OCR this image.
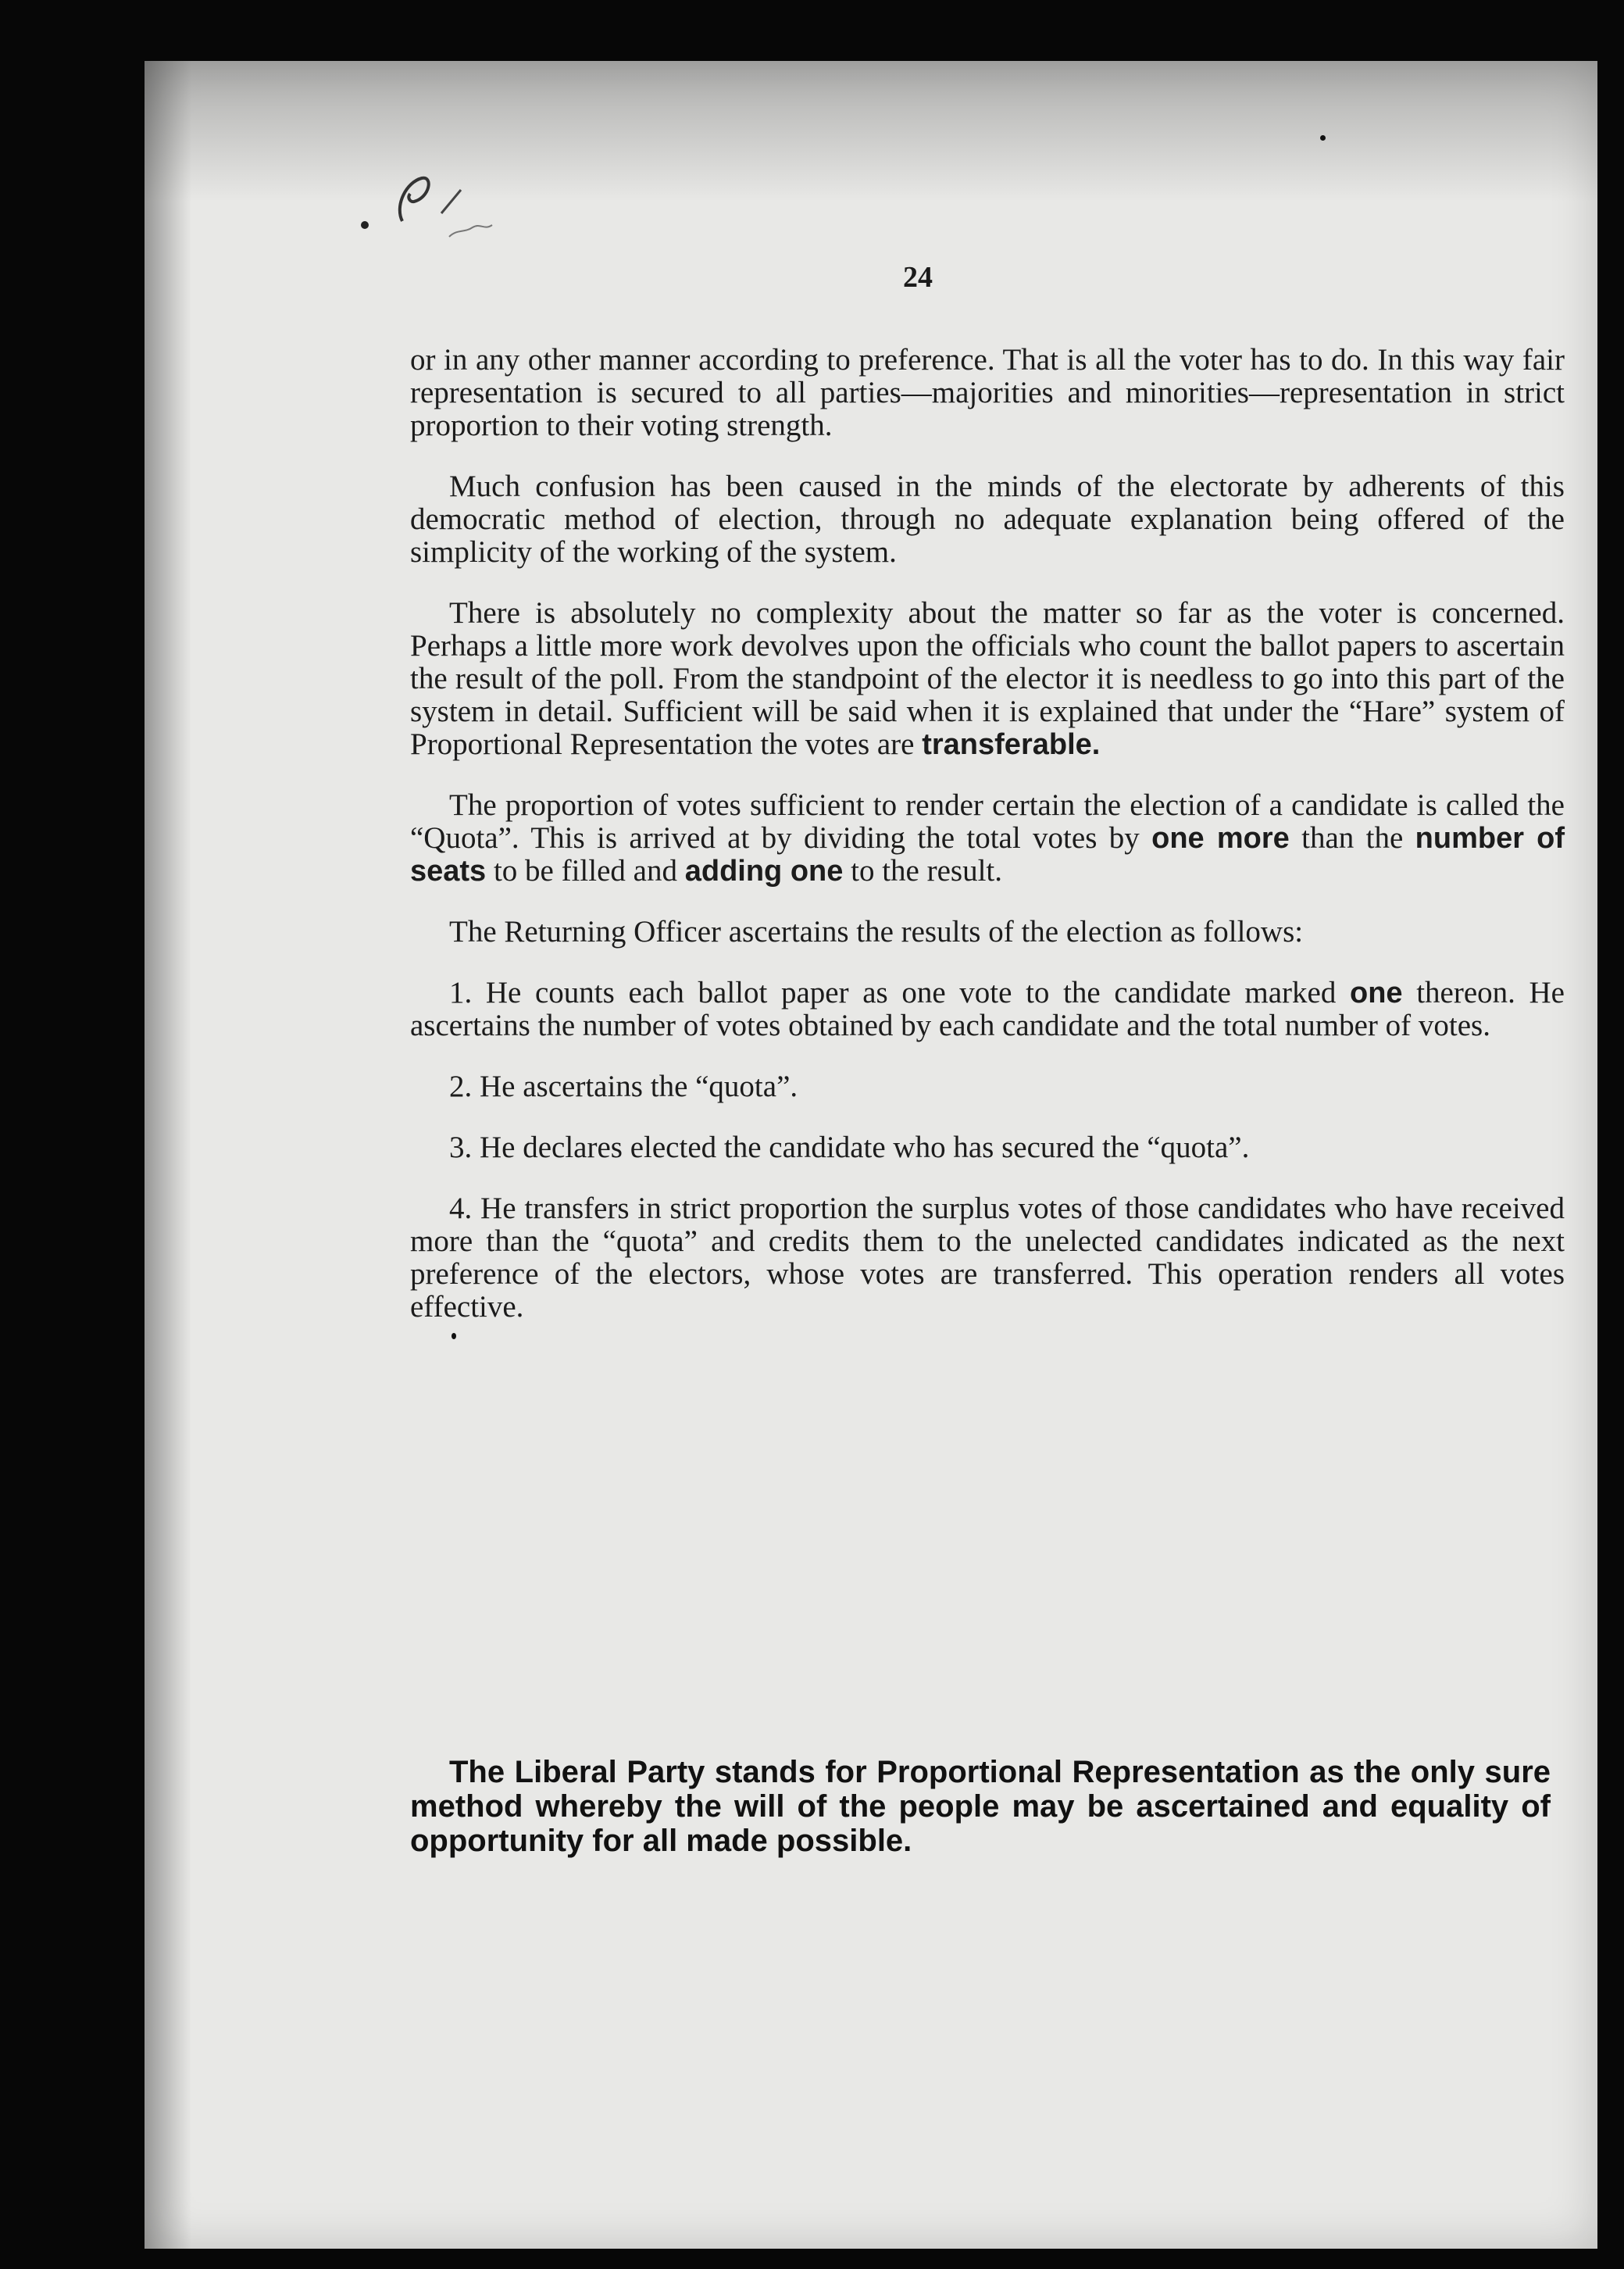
6/
24

or in any other manner according to preference. That is all the voter has to do. In this way fair representation is secured to all parties—majorities and minorities—representation in strict proportion to their voting strength.

Much confusion has been caused in the minds of the electorate by adherents of this democratic method of election, through no adequate explanation being offered of the simplicity of the working of the system.

There is absolutely no complexity about the matter so far as the voter is concerned. Perhaps a little more work devolves upon the officials who count the ballot papers to ascertain the result of the poll. From the standpoint of the elector it is needless to go into this part of the system in detail. Sufficient will be said when it is explained that under the “Hare” system of Proportional Representation the votes are transferable.

The proportion of votes sufficient to render certain the election of a candidate is called the “Quota”. This is arrived at by dividing the total votes by one more than the number of seats to be filled and adding one to the result.

The Returning Officer ascertains the results of the election as follows:

1. He counts each ballot paper as one vote to the candidate marked one thereon. He ascertains the number of votes obtained by each candidate and the total number of votes.

2. He ascertains the “quota”.

3. He declares elected the candidate who has secured the “quota”.

4. He transfers in strict proportion the surplus votes of those candidates who have received more than the “quota” and credits them to the unelected candidates indicated as the next preference of the electors, whose votes are transferred. This operation renders all votes effective.

The Liberal Party stands for Proportional Representation as the only sure method whereby the will of the people may be ascertained and equality of opportunity for all made possible.
